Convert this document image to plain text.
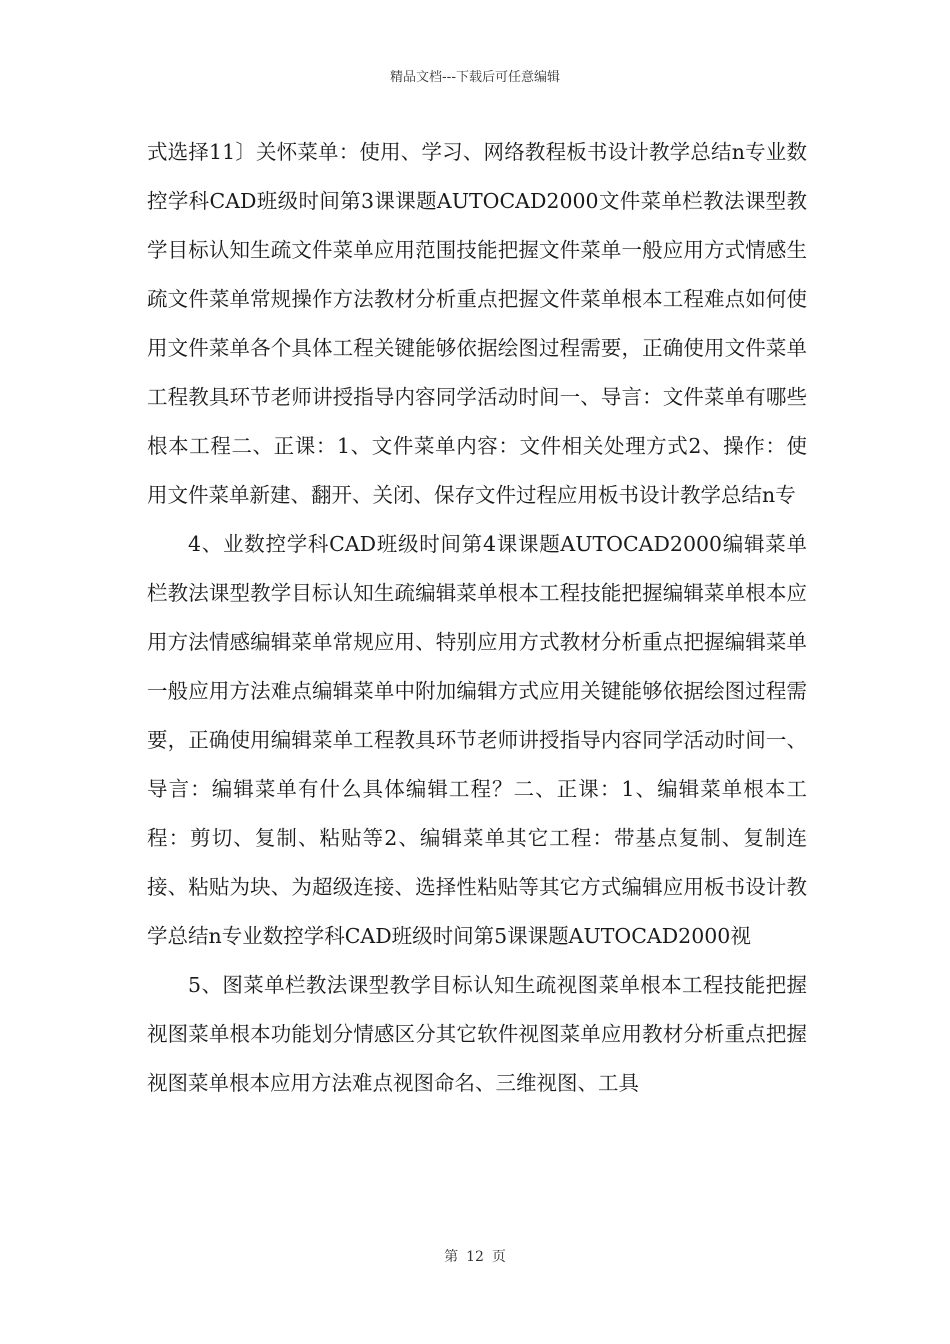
精品文档---下载后可任意编辑

式选择11〕关怀菜单：使用、学习、网络教程板书设计教学总结n专业数控学科CAD班级时间第3课课题AUTOCAD2000文件菜单栏教法课型教学目标认知生疏文件菜单应用范围技能把握文件菜单一般应用方式情感生疏文件菜单常规操作方法教材分析重点把握文件菜单根本工程难点如何使用文件菜单各个具体工程关键能够依据绘图过程需要，正确使用文件菜单工程教具环节老师讲授指导内容同学活动时间一、导言：文件菜单有哪些根本工程二、正课：1、文件菜单内容：文件相关处理方式2、操作：使用文件菜单新建、翻开、关闭、保存文件过程应用板书设计教学总结n专

4、业数控学科CAD班级时间第4课课题AUTOCAD2000编辑菜单栏教法课型教学目标认知生疏编辑菜单根本工程技能把握编辑菜单根本应用方法情感编辑菜单常规应用、特别应用方式教材分析重点把握编辑菜单一般应用方法难点编辑菜单中附加编辑方式应用关键能够依据绘图过程需要，正确使用编辑菜单工程教具环节老师讲授指导内容同学活动时间一、导言：编辑菜单有什么具体编辑工程？二、正课：1、编辑菜单根本工程：剪切、复制、粘贴等2、编辑菜单其它工程：带基点复制、复制连接、粘贴为块、为超级连接、选择性粘贴等其它方式编辑应用板书设计教学总结n专业数控学科CAD班级时间第5课课题AUTOCAD2000视

5、图菜单栏教法课型教学目标认知生疏视图菜单根本工程技能把握视图菜单根本功能划分情感区分其它软件视图菜单应用教材分析重点把握视图菜单根本应用方法难点视图命名、三维视图、工具

第 12 页
